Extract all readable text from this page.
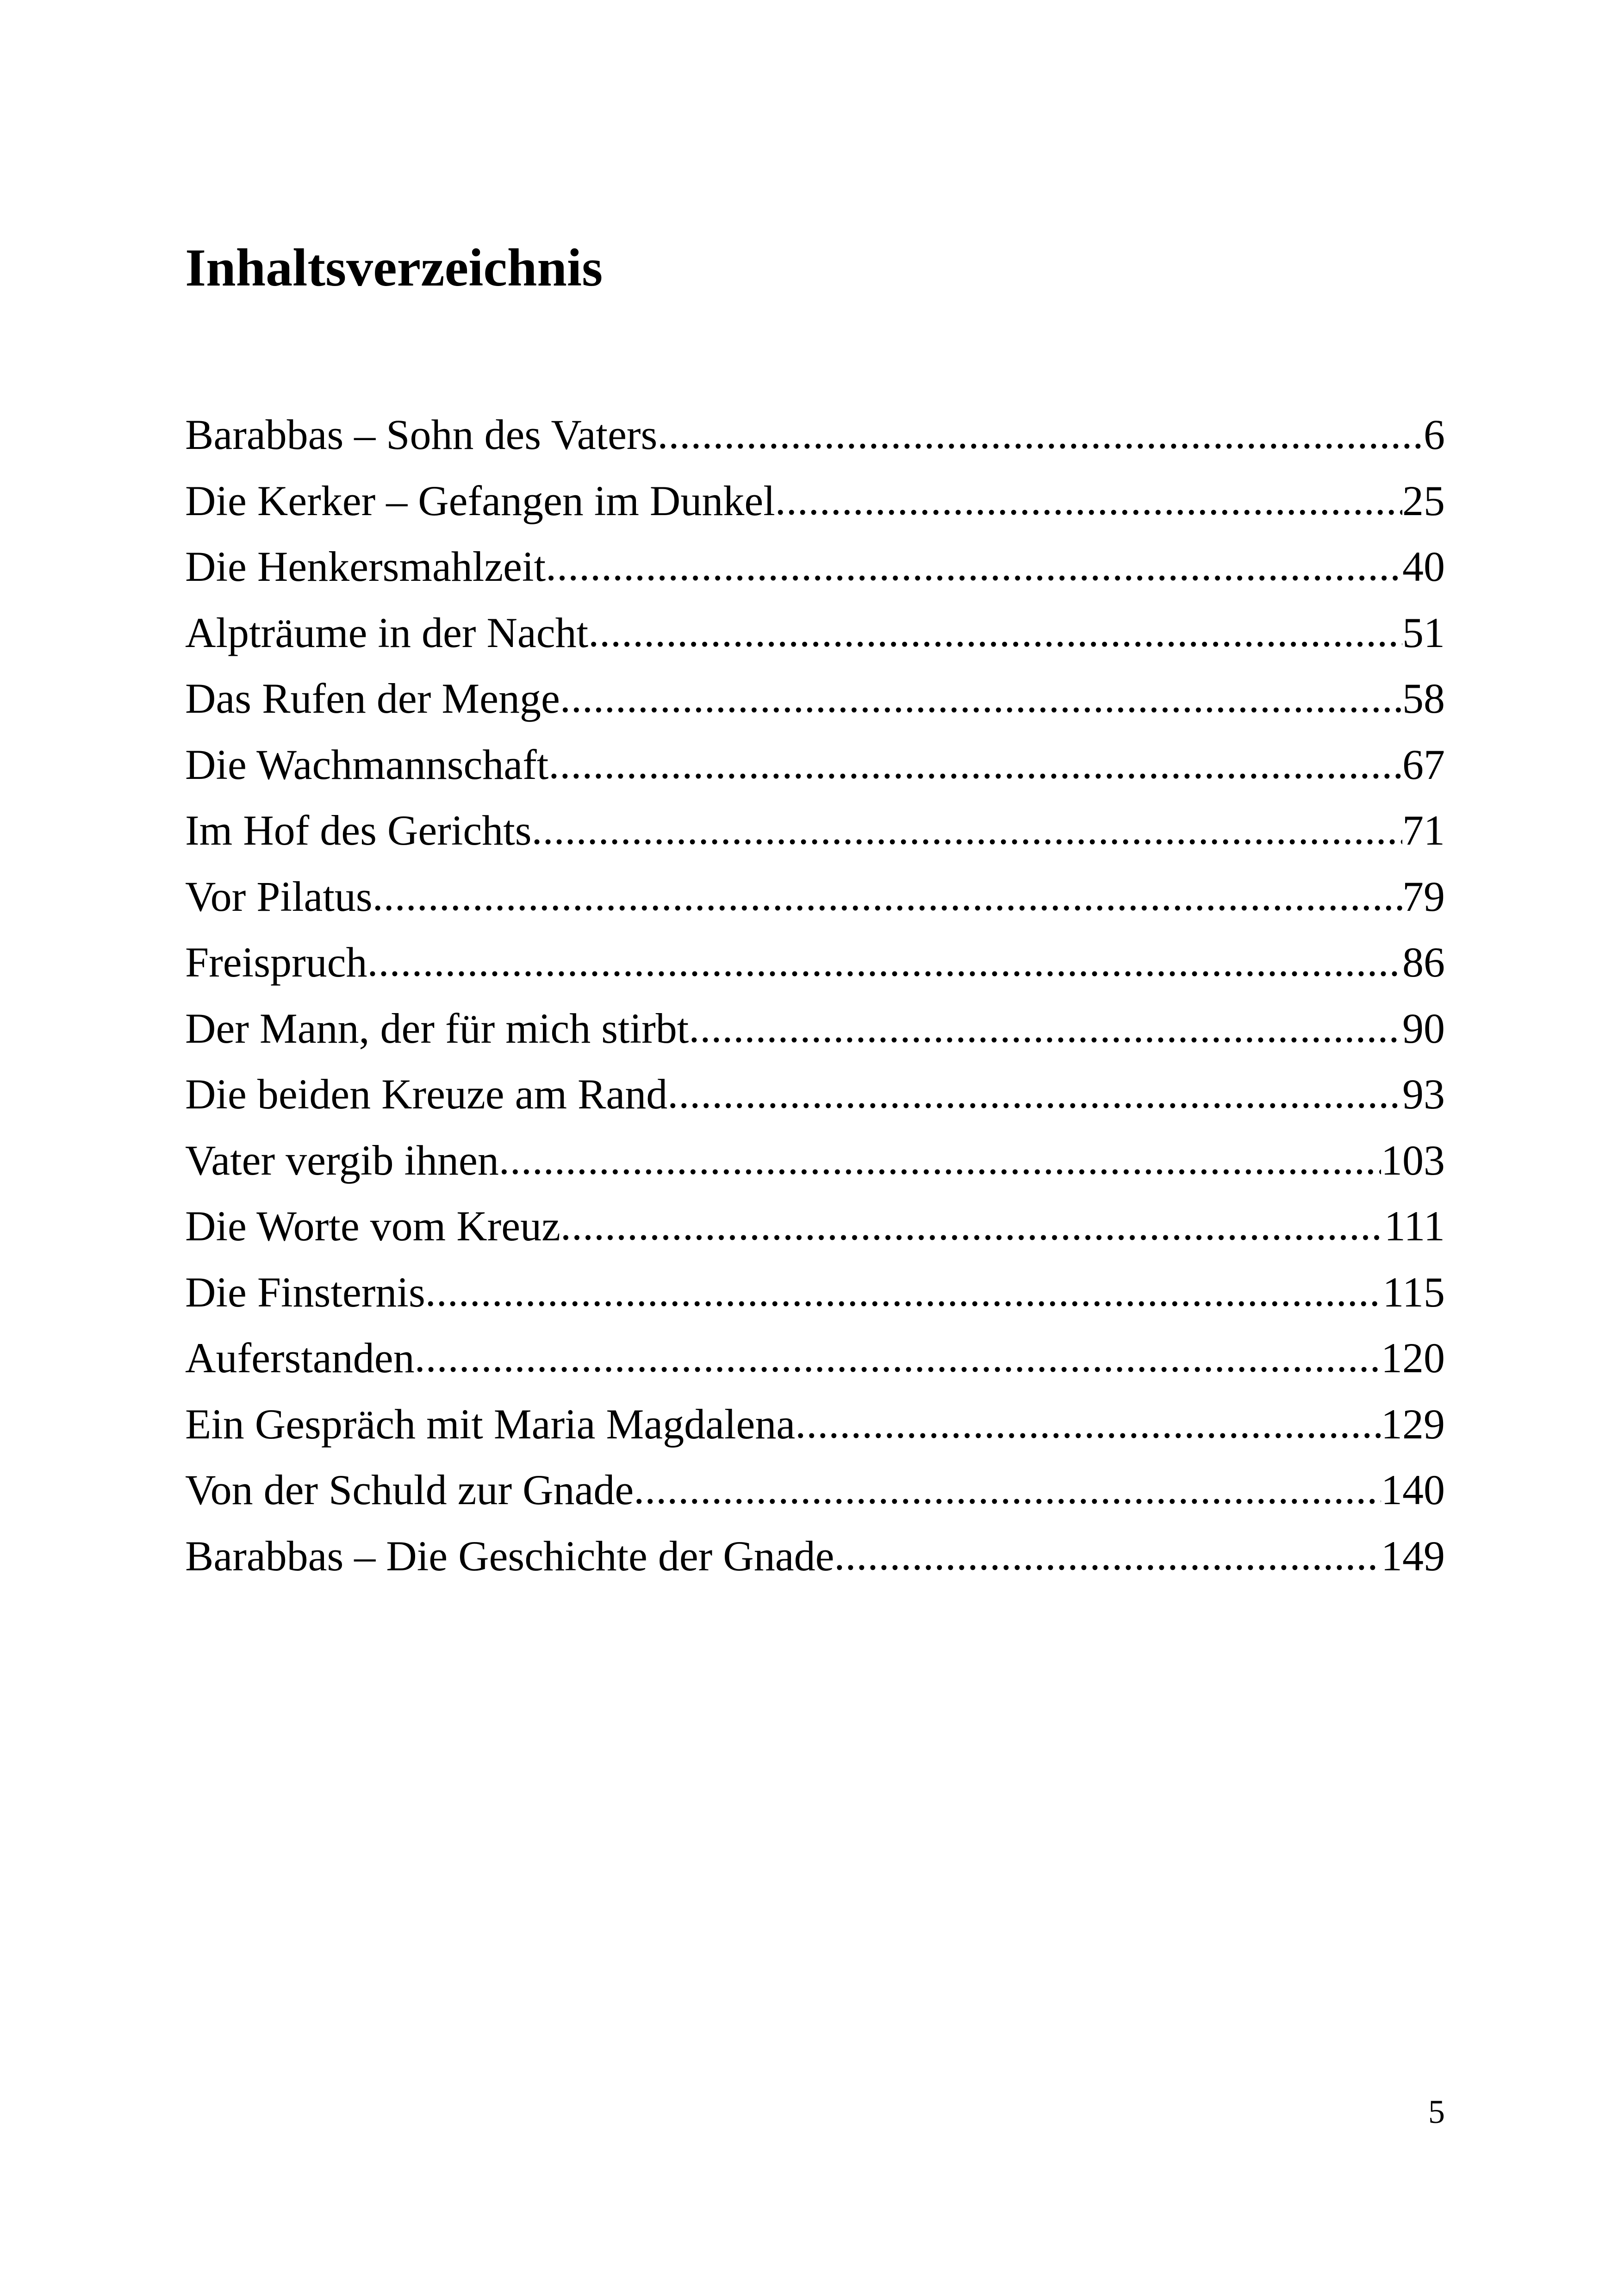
Inhaltsverzeichnis
Barabbas – Sohn des Vaters .....	6
Die Kerker – Gefangen im Dunkel .....	25
Die Henkersmahlzeit .....	40
Alpträume in der Nacht .....	51
Das Rufen der Menge .....	58
Die Wachmannschaft .....	67
Im Hof des Gerichts .....	71
Vor Pilatus .....	79
Freispruch .....	86
Der Mann, der für mich stirbt .....	90
Die beiden Kreuze am Rand .....	93
Vater vergib ihnen .....	103
Die Worte vom Kreuz .....	111
Die Finsternis .....	115
Auferstanden .....	120
Ein Gespräch mit Maria Magdalena .....	129
Von der Schuld zur Gnade .....	140
Barabbas – Die Geschichte der Gnade .....	149
5
